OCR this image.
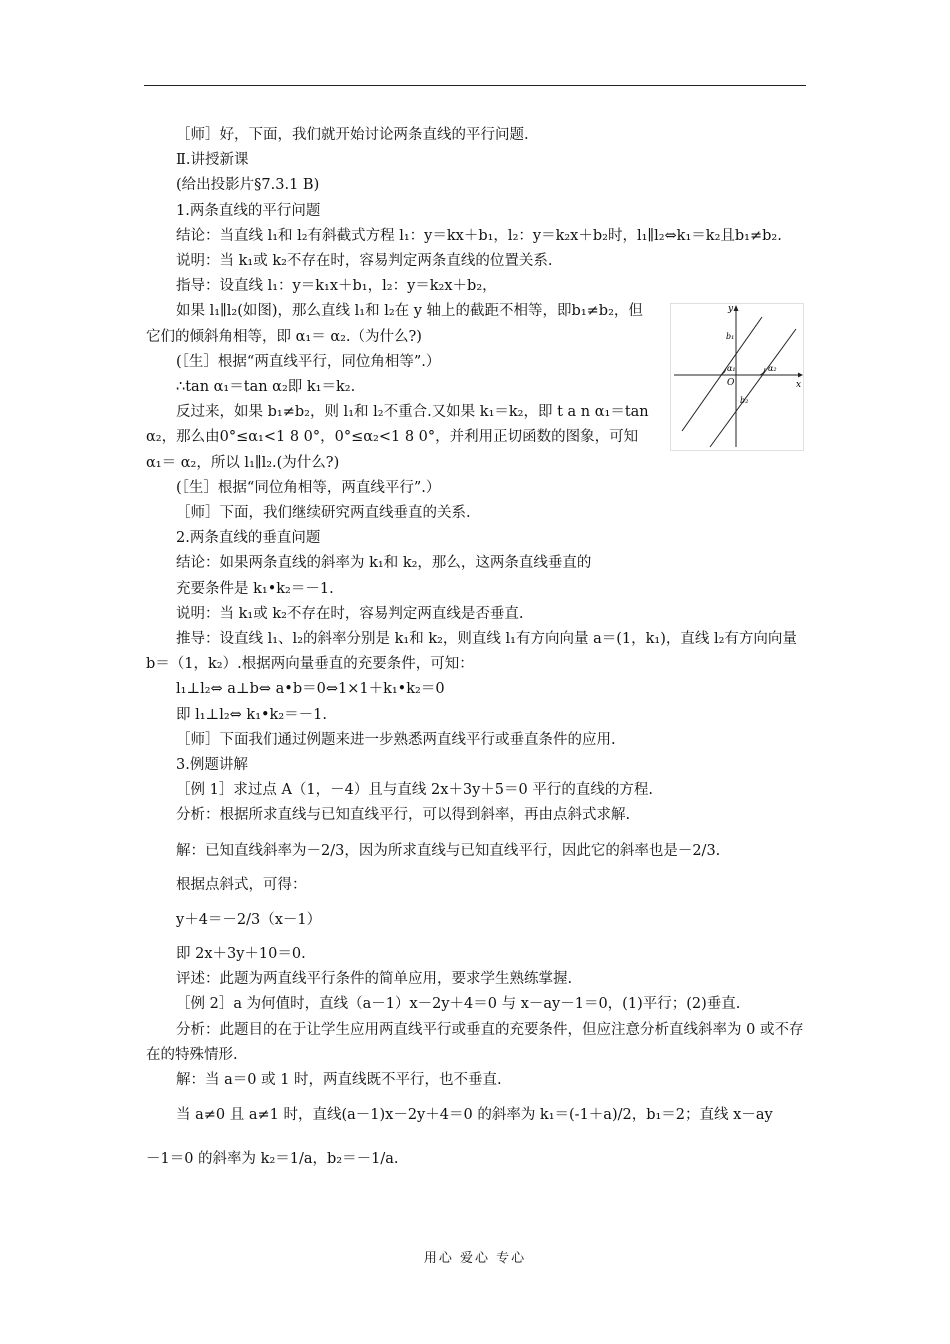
［师］好，下面，我们就开始讨论两条直线的平行问题.

Ⅱ.讲授新课

(给出投影片§7.3.1 B)

1.两条直线的平行问题

结论：当直线 l₁和 l₂有斜截式方程 l₁：y＝kx＋b₁，l₂：y＝k₂x＋b₂时，l₁∥l₂⇔k₁＝k₂且b₁≠b₂.

说明：当 k₁或 k₂不存在时，容易判定两条直线的位置关系.

指导：设直线 l₁：y＝k₁x＋b₁，l₂：y＝k₂x＋b₂，

如果 l₁∥l₂(如图)，那么直线 l₁和 l₂在 y 轴上的截距不相等，即b₁≠b₂，但它们的倾斜角相等，即 α₁＝ α₂.（为什么?)

(［生］根据“两直线平行，同位角相等”.）

∴tan α₁＝tan α₂即 k₁＝k₂.

反过来，如果 b₁≠b₂，则 l₁和 l₂不重合.又如果 k₁＝k₂，即 t a n α₁＝tan α₂，那么由0°≤α₁<1 8 0°，0°≤α₂<1 8 0°，并利用正切函数的图象，可知 α₁＝ α₂，所以 l₁∥l₂.(为什么?)

y
x
O
b₁
b₂
α₁	α₂

(［生］根据“同位角相等，两直线平行”.）

［师］下面，我们继续研究两直线垂直的关系.

2.两条直线的垂直问题

结论：如果两条直线的斜率为 k₁和 k₂，那么，这两条直线垂直的

充要条件是 k₁•k₂＝－1.

说明：当 k₁或 k₂不存在时，容易判定两直线是否垂直.

推导：设直线 l₁、l₂的斜率分别是 k₁和 k₂，则直线 l₁有方向向量 a＝(1，k₁)，直线 l₂有方向向量 b＝（1，k₂）.根据两向量垂直的充要条件，可知：

l₁⊥l₂⇔ a⊥b⇔ a•b＝0⇔1×1＋k₁•k₂＝0

即 l₁⊥l₂⇔ k₁•k₂＝－1.

［师］下面我们通过例题来进一步熟悉两直线平行或垂直条件的应用.

3.例题讲解

［例 1］求过点 A（1，－4）且与直线 2x＋3y＋5＝0 平行的直线的方程.

分析：根据所求直线与已知直线平行，可以得到斜率，再由点斜式求解.

解：已知直线斜率为－2/3，因为所求直线与已知直线平行，因此它的斜率也是－2/3.

根据点斜式，可得：

y＋4＝－2/3（x－1）

即 2x＋3y＋10＝0.

评述：此题为两直线平行条件的简单应用，要求学生熟练掌握.

［例 2］a 为何值时，直线（a－1）x－2y＋4＝0 与 x－ay－1＝0，(1)平行；(2)垂直.

分析：此题目的在于让学生应用两直线平行或垂直的充要条件，但应注意分析直线斜率为 0 或不存在的特殊情形.

解：当 a＝0 或 1 时，两直线既不平行，也不垂直.

当 a≠0 且 a≠1 时，直线(a－1)x－2y＋4＝0 的斜率为 k₁＝(-1＋a)/2，b₁＝2；直线 x－ay

－1＝0 的斜率为 k₂＝1/a，b₂＝－1/a.

用心 爱心 专心
